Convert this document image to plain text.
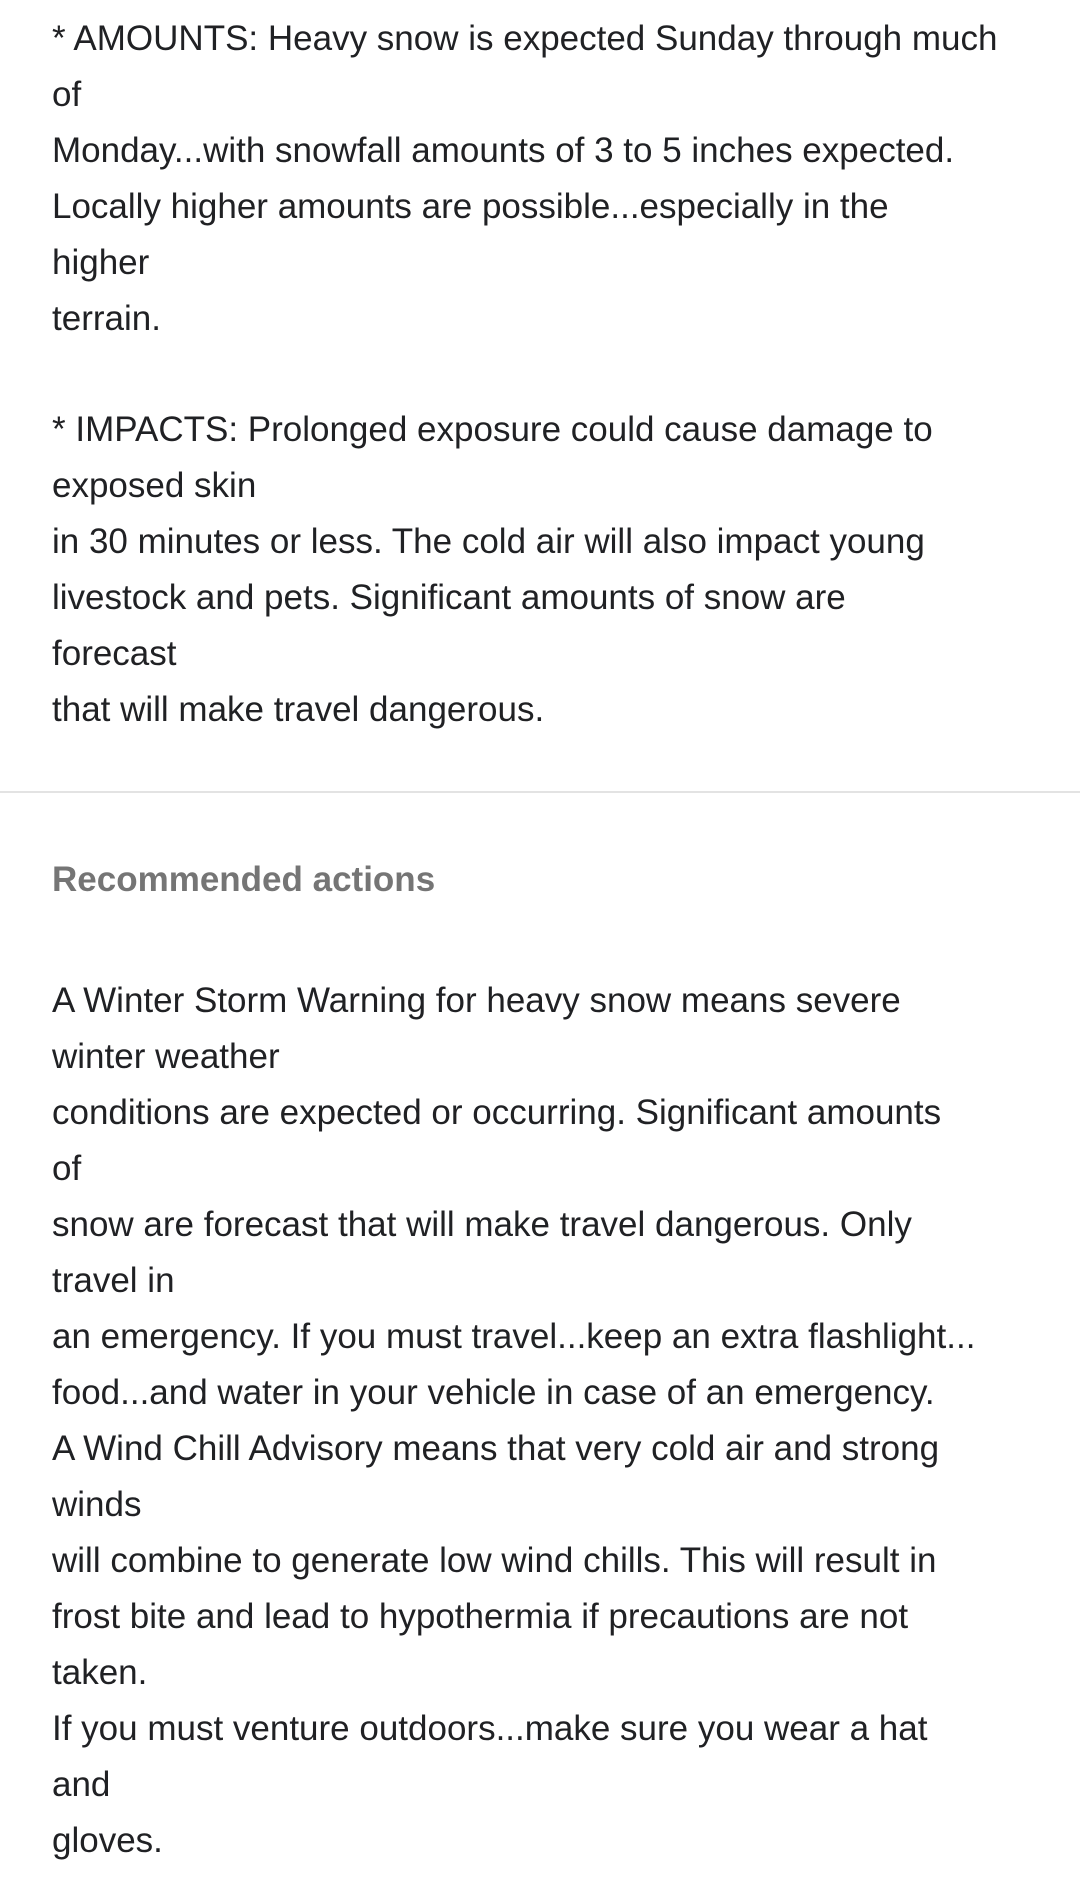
* AMOUNTS: Heavy snow is expected Sunday through much
of
Monday...with snowfall amounts of 3 to 5 inches expected.
Locally higher amounts are possible...especially in the
higher
terrain.
* IMPACTS: Prolonged exposure could cause damage to
exposed skin
in 30 minutes or less. The cold air will also impact young
livestock and pets. Significant amounts of snow are
forecast
that will make travel dangerous.
Recommended actions
A Winter Storm Warning for heavy snow means severe
winter weather
conditions are expected or occurring. Significant amounts
of
snow are forecast that will make travel dangerous. Only
travel in
an emergency. If you must travel...keep an extra flashlight...
food...and water in your vehicle in case of an emergency.
A Wind Chill Advisory means that very cold air and strong
winds
will combine to generate low wind chills. This will result in
frost bite and lead to hypothermia if precautions are not
taken.
If you must venture outdoors...make sure you wear a hat
and
gloves.
